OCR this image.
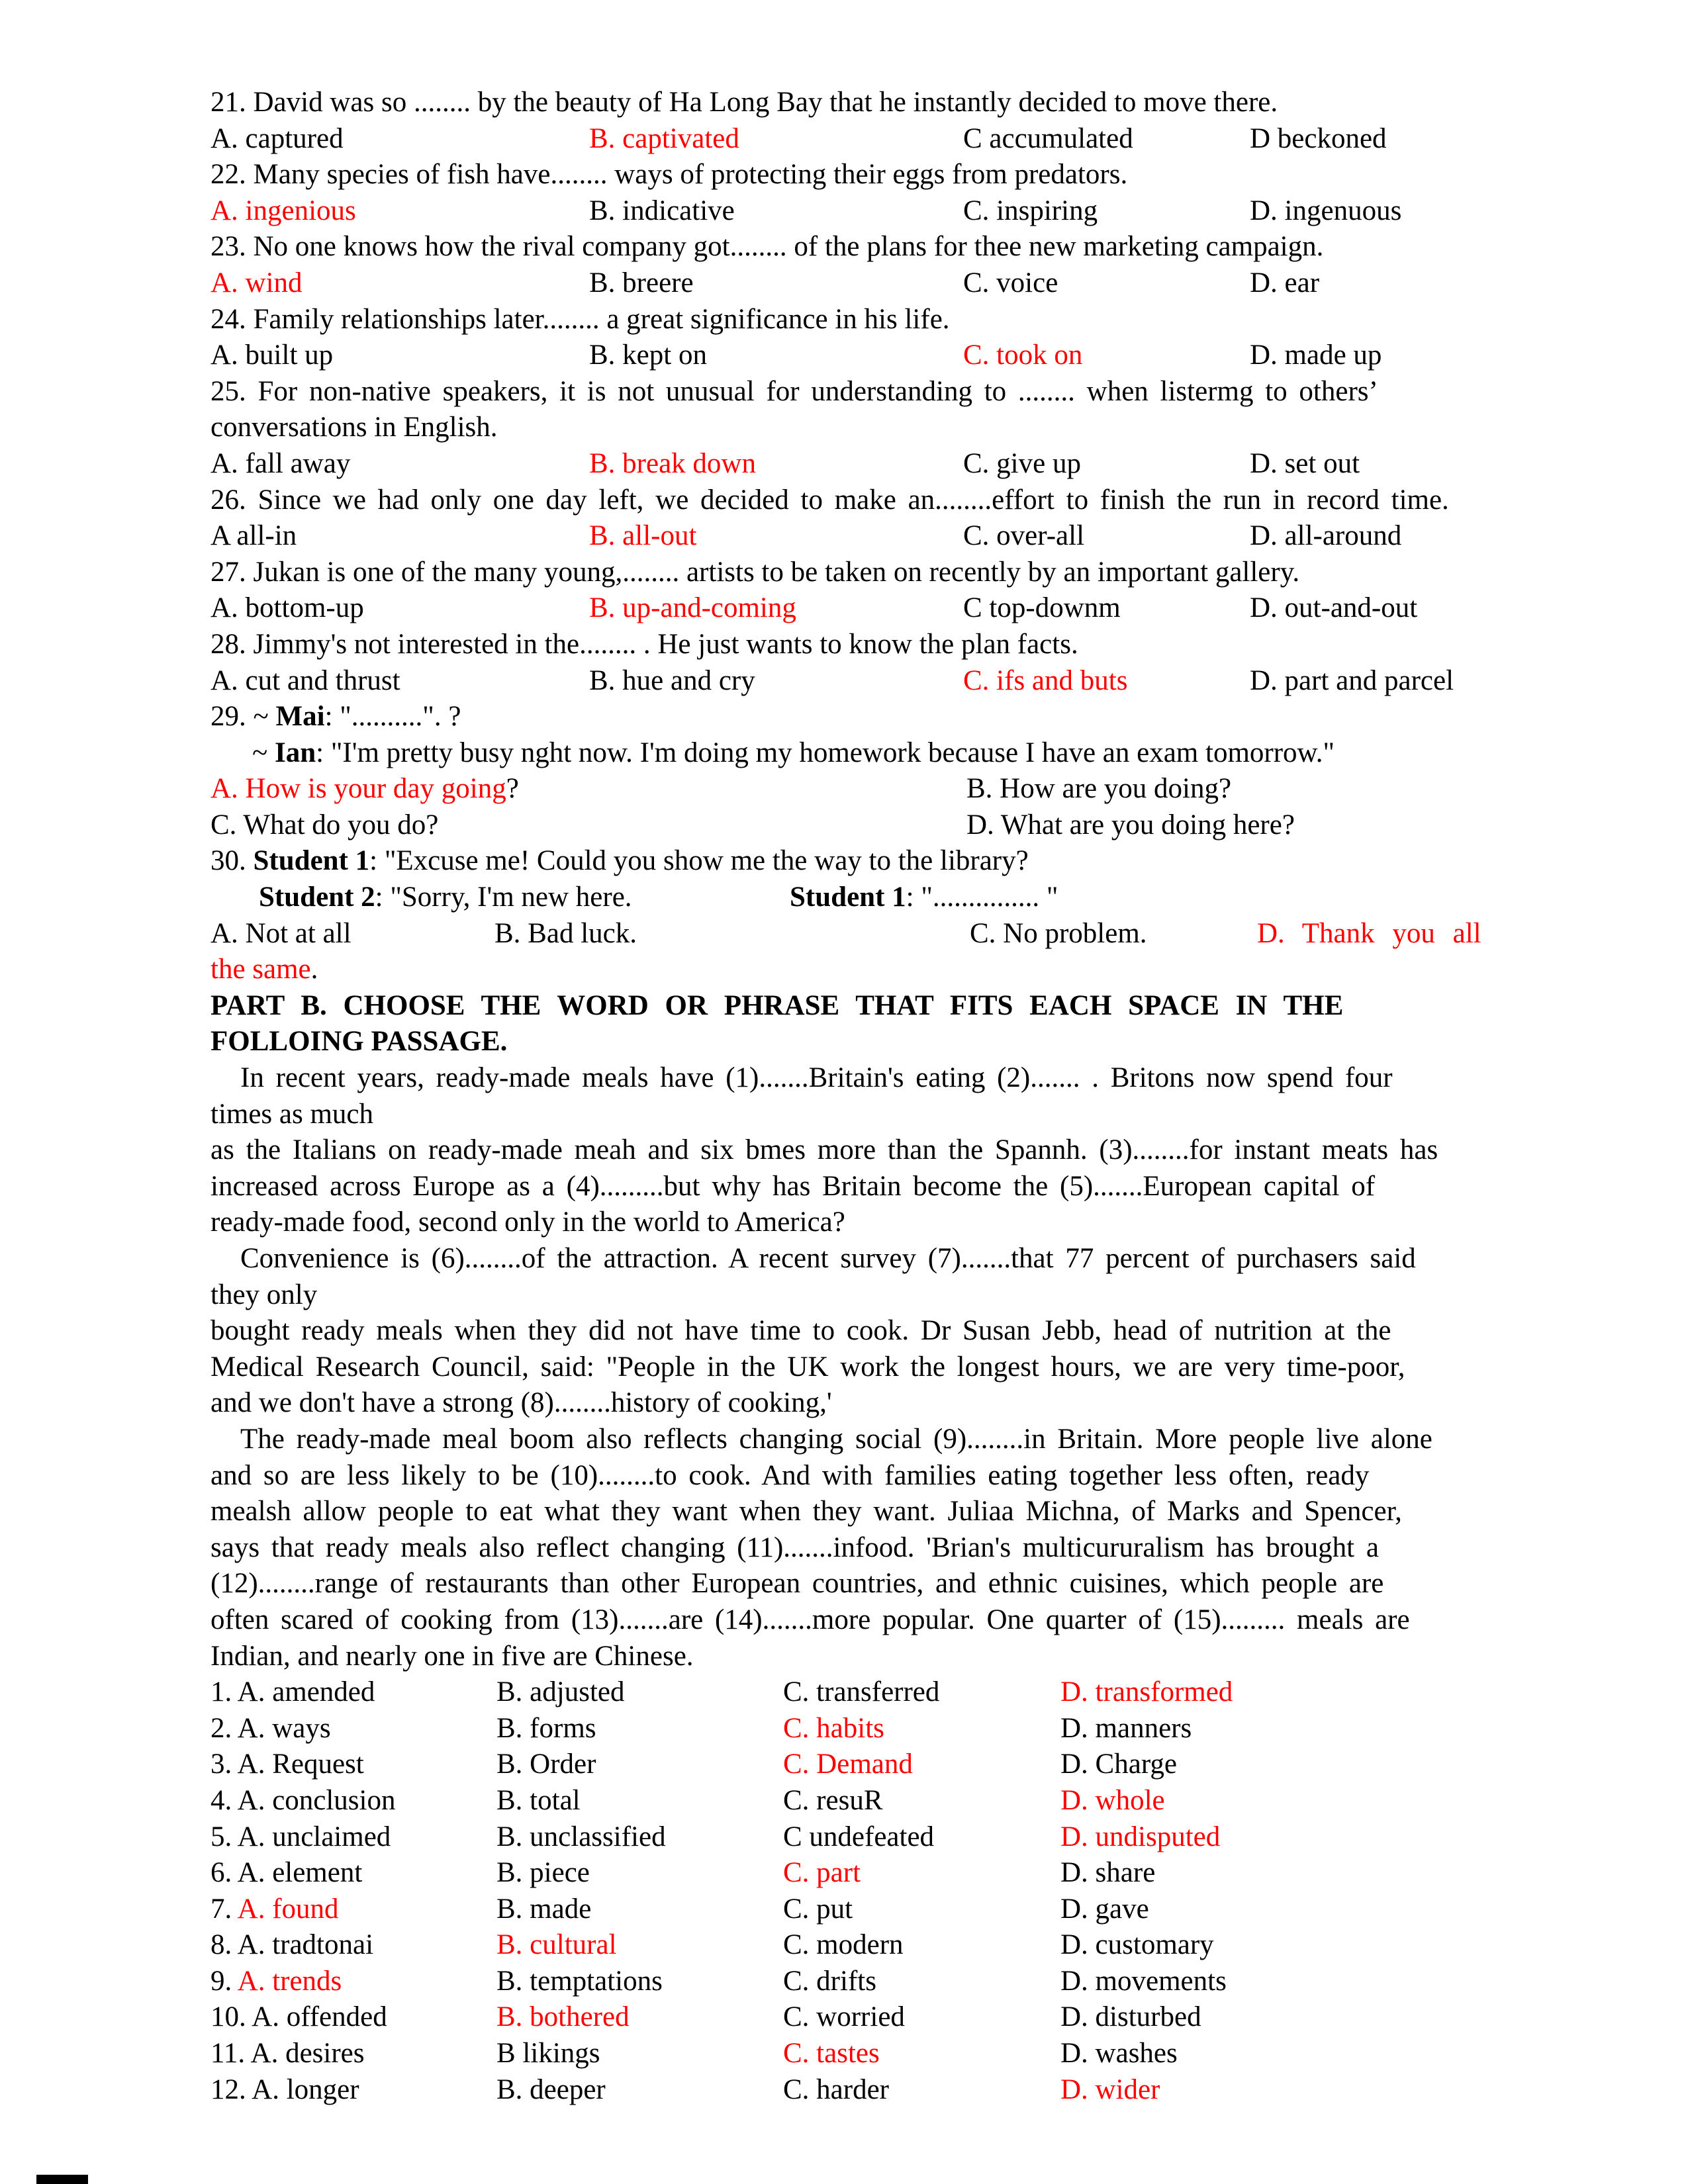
21. David was so ........ by the beauty of Ha Long Bay that he instantly decided to move there.
A. captured	B. captivated	C accumulated	D beckoned
22. Many species of fish have........ ways of protecting their eggs from predators.
A. ingenious	B. indicative	C. inspiring	D. ingenuous
23. No one knows how the rival company got........ of the plans for thee new marketing campaign.
A. wind	B. breere	C. voice	D. ear
24. Family relationships later........ a great significance in his life.
A. built up	B. kept on	C. took on	D. made up
25. For non-native speakers, it is not unusual for understanding to ........ when listermg to others’
conversations in English.
A. fall away	B. break down	C. give up	D. set out
26. Since we had only one day left, we decided to make an........effort to finish the run in record time.
A all-in	B. all-out	C. over-all	D. all-around
27. Jukan is one of the many young,........ artists to be taken on recently by an important gallery.
A. bottom-up	B. up-and-coming	C top-downm	D. out-and-out
28. Jimmy's not interested in the........ . He just wants to know the plan facts.
A. cut and thrust	B. hue and cry	C. ifs and buts	D. part and parcel
29. ~ Mai: "..........". ?
~ Ian: "I'm pretty busy nght now. I'm doing my homework because I have an exam tomorrow."
A. How is your day going?	B. How are you doing?
C. What do you do?	D. What are you doing here?
30. Student 1: "Excuse me! Could you show me the way to the library?
Student 2: "Sorry, I'm new here.	Student 1: "............... "
A. Not at all	B. Bad luck.	C. No problem.	D. Thank you all
the same.
PART B. CHOOSE THE WORD OR PHRASE THAT FITS EACH SPACE IN THE
FOLLOING PASSAGE.
In recent years, ready-made meals have (1).......Britain's eating (2)....... . Britons now spend four
times as much
as the Italians on ready-made meah and six bmes more than the Spannh. (3)........for instant meats has
increased across Europe as a (4).........but why has Britain become the (5).......European capital of
ready-made food, second only in the world to America?
Convenience is (6)........of the attraction. A recent survey (7).......that 77 percent of purchasers said
they only
bought ready meals when they did not have time to cook. Dr Susan Jebb, head of nutrition at the
Medical Research Council, said: "People in the UK work the longest hours, we are very time-poor,
and we don't have a strong (8)........history of cooking,'
The ready-made meal boom also reflects changing social (9)........in Britain. More people live alone
and so are less likely to be (10)........to cook. And with families eating together less often, ready
mealsh allow people to eat what they want when they want. Juliaa Michna, of Marks and Spencer,
says that ready meals also reflect changing (11).......infood. 'Brian's multicururalism has brought a
(12)........range of restaurants than other European countries, and ethnic cuisines, which people are
often scared of cooking from (13).......are (14).......more popular. One quarter of (15)......... meals are
Indian, and nearly one in five are Chinese.
1. A. amended	B. adjusted	C. transferred	D. transformed
2. A. ways	B. forms	C. habits	D. manners
3. A. Request	B. Order	C. Demand	D. Charge
4. A. conclusion	B. total	C. resuR	D. whole
5. A. unclaimed	B. unclassified	C undefeated	D. undisputed
6. A. element	B. piece	C. part	D. share
7. A. found	B. made	C. put	D. gave
8. A. tradtonai	B. cultural	C. modern	D. customary
9. A. trends	B. temptations	C. drifts	D. movements
10. A. offended	B. bothered	C. worried	D. disturbed
11. A. desires	B likings	C. tastes	D. washes
12. A. longer	B. deeper	C. harder	D. wider
